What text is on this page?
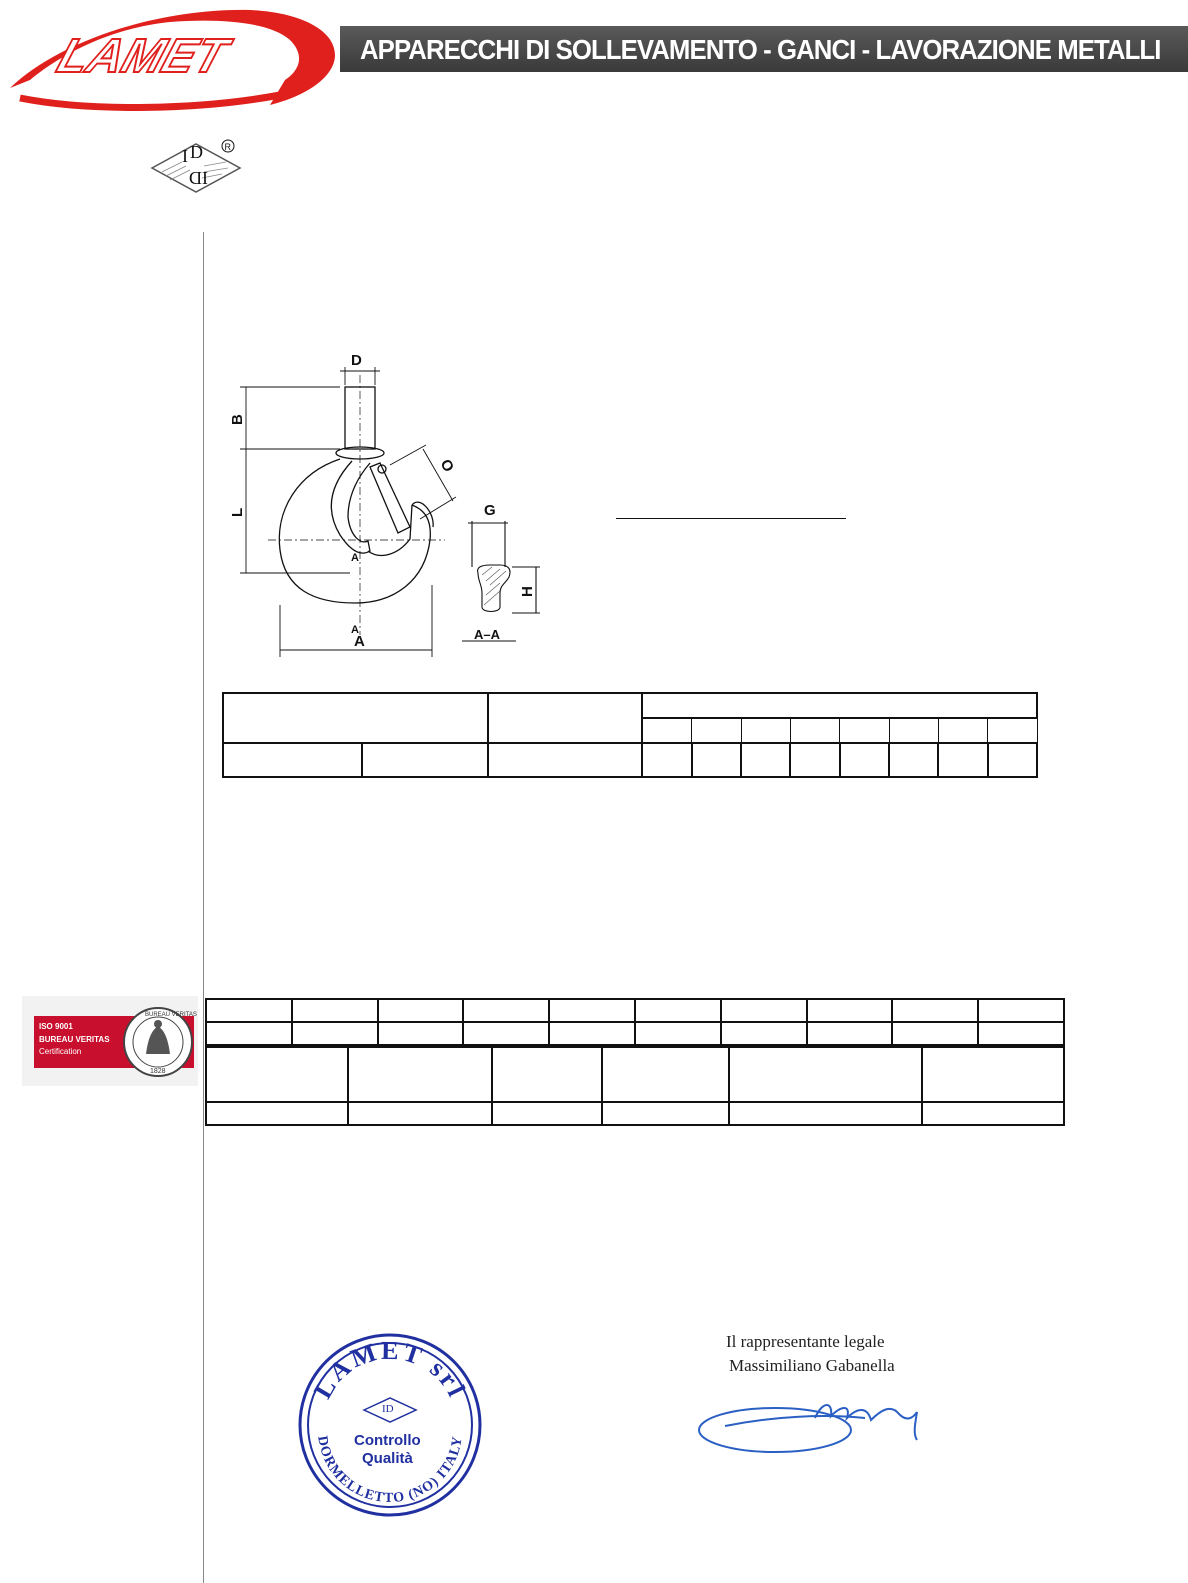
APPARECCHI DI SOLLEVAMENTO - GANCI - LAVORAZIONE METALLI
LAMET
I D
ID
R
D
B
L
O
G
H
A
A
A	A–A

ISO 9001
BUREAU VERITAS
Certification
BUREAU VERITAS
1828

LAMET srl
DORMELLETTO (NO) ITALY
ID
Controllo
Qualità
Il rappresentante legale
Massimiliano Gabanella
